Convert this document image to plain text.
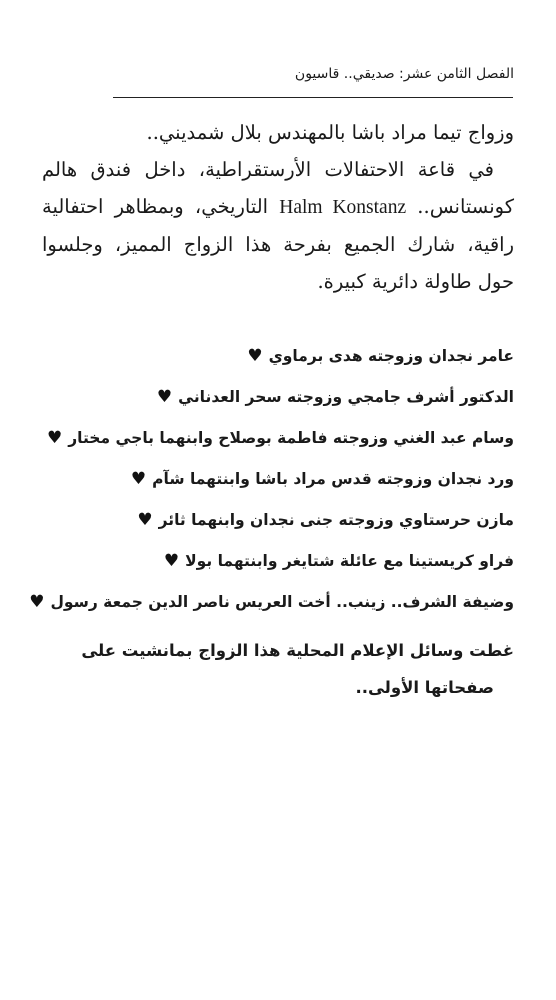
الفصل الثامن عشر: صديقي.. قاسيون

وزواج تيما مراد باشا بالمهندس بلال شمديني..

في قاعة الاحتفالات الأرستقراطية، داخل فندق هالم كونستانس.. Halm Konstanz التاريخي، وبمظاهر احتفالية راقية، شارك الجميع بفرحة هذا الزواج المميز، وجلسوا حول طاولة دائرية كبيرة.

عامر نجدان وزوجته هدى برماوي♥
الدكتور أشرف جامجي وزوجته سحر العدناني♥
وسام عبد الغني وزوجته فاطمة بوصلاح وابنهما باجي مختار♥
ورد نجدان وزوجته قدس مراد باشا وابنتهما شآم♥
مازن حرستاوي وزوجته جنى نجدان وابنهما ثائر♥
فراو كريستينا مع عائلة شتايغر وابنتهما بولا♥
وضيفة الشرف.. زينب.. أخت العريس ناصر الدين جمعة رسول♥

غطت وسائل الإعلام المحلية هذا الزواج بمانشيت على

صفحاتها الأولى..
